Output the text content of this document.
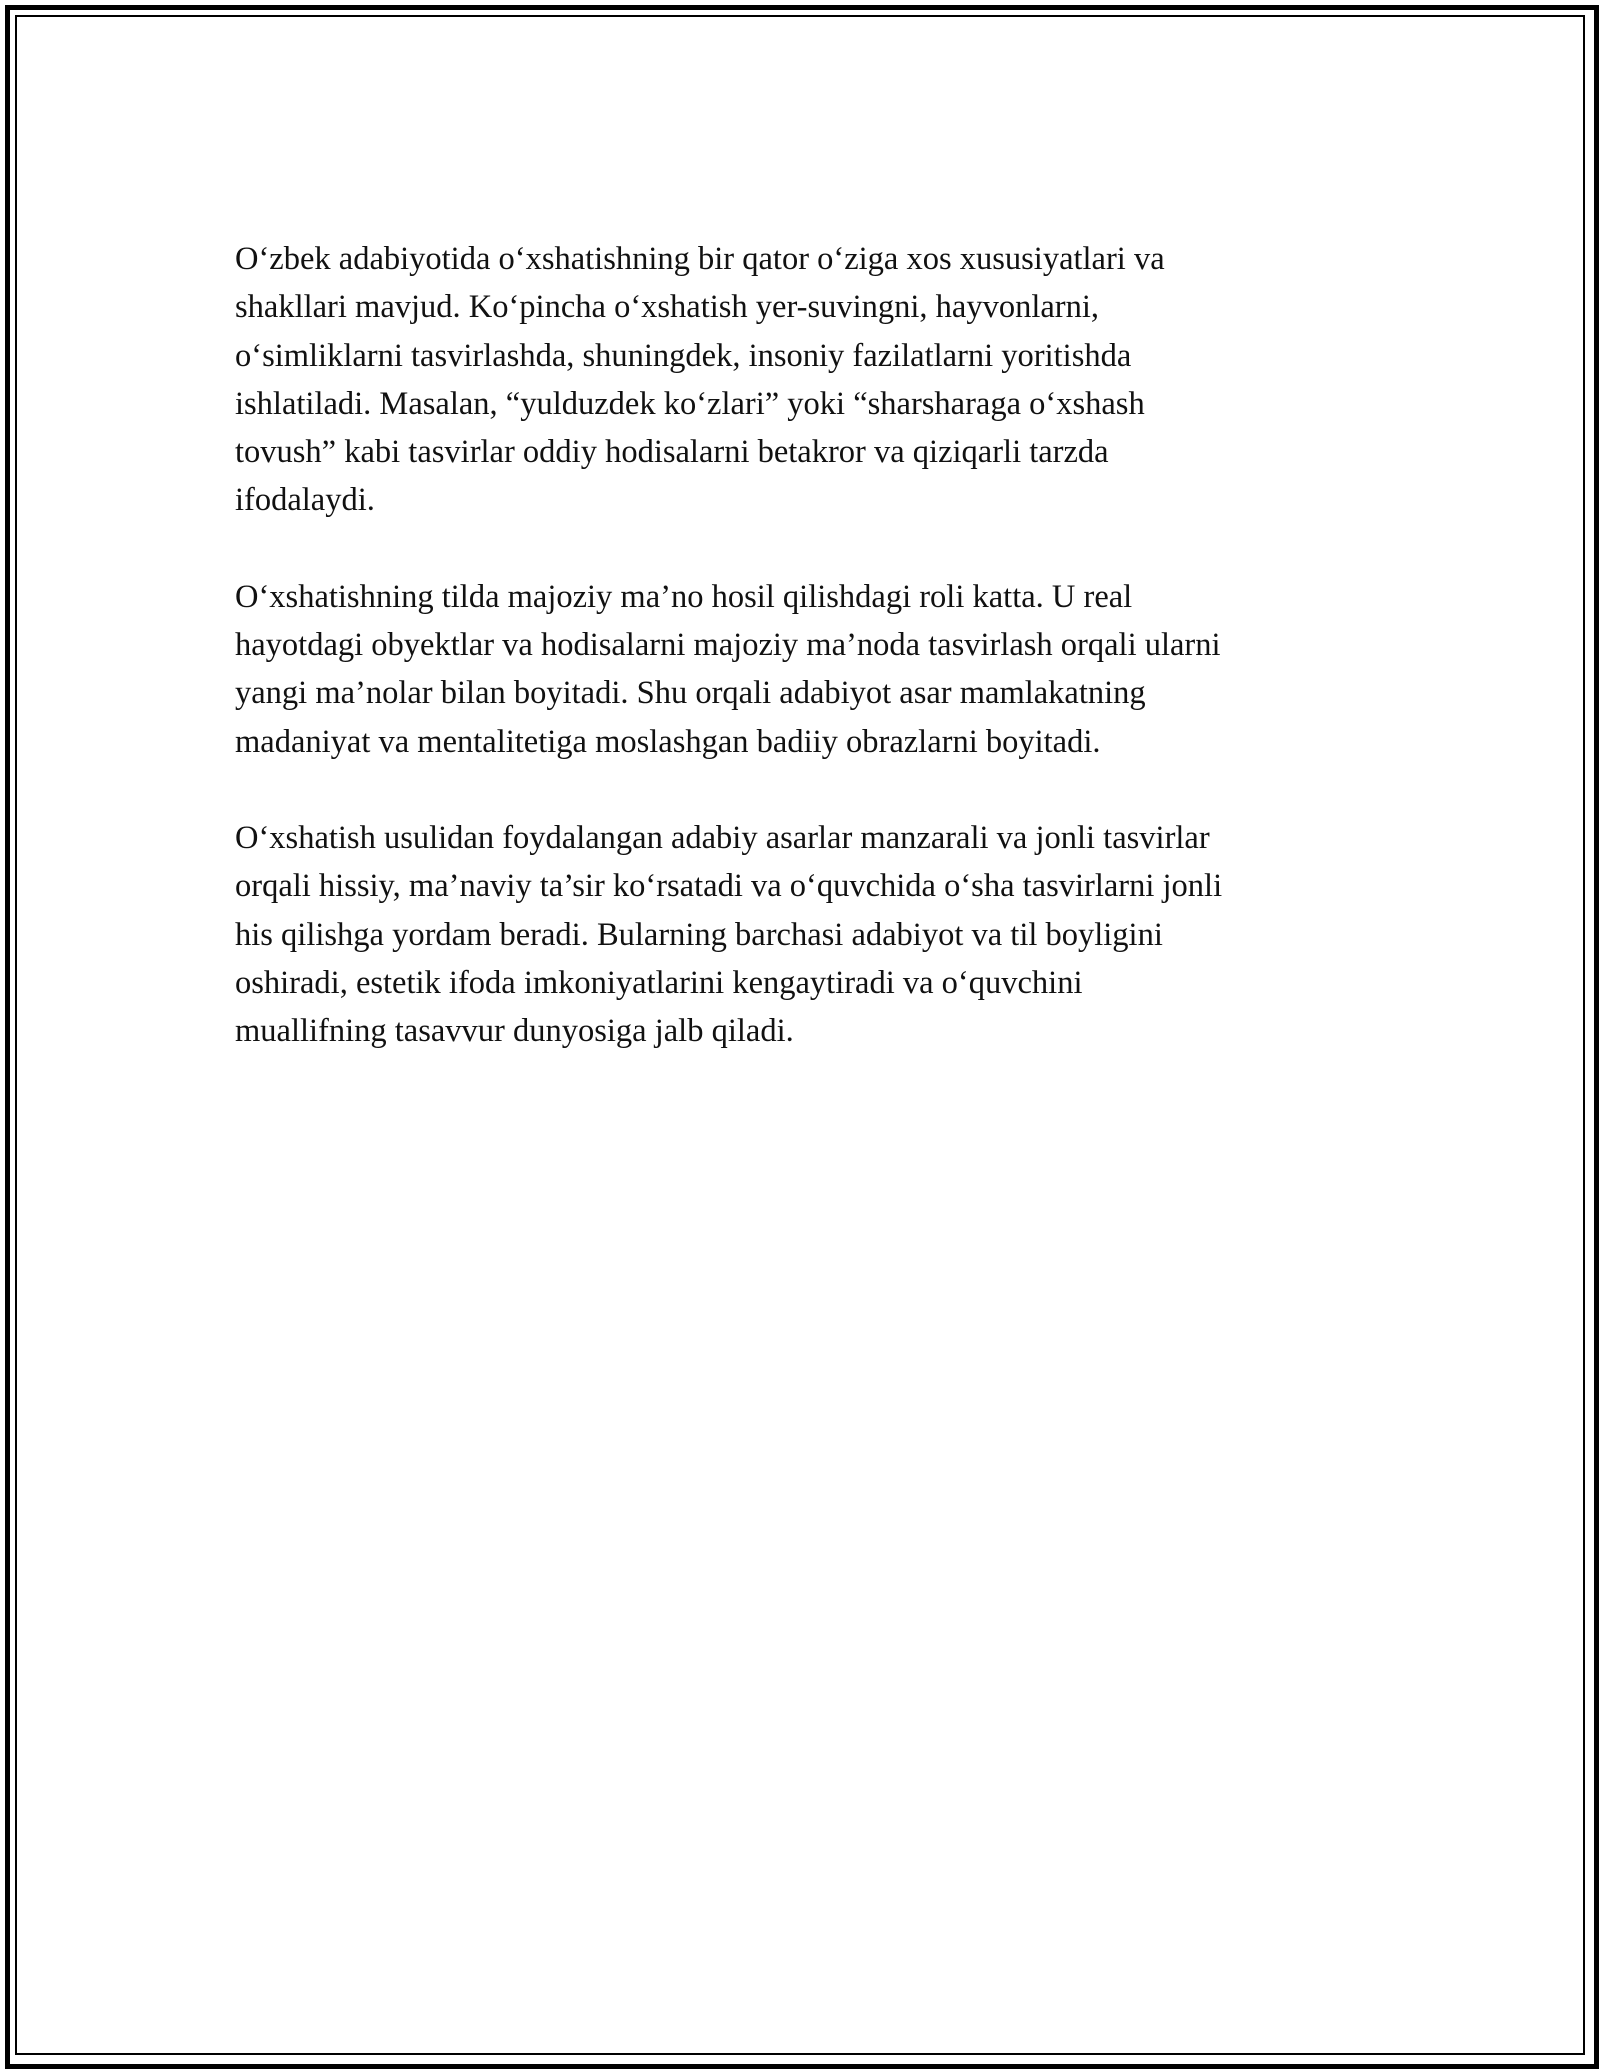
O‘zbek adabiyotida o‘xshatishning bir qator o‘ziga xos xususiyatlari va
shakllari mavjud. Ko‘pincha o‘xshatish yer-suvingni, hayvonlarni,
o‘simliklarni tasvirlashda, shuningdek, insoniy fazilatlarni yoritishda
ishlatiladi. Masalan, “yulduzdek ko‘zlari” yoki “sharsharaga o‘xshash
tovush” kabi tasvirlar oddiy hodisalarni betakror va qiziqarli tarzda
ifodalaydi.

O‘xshatishning tilda majoziy ma’no hosil qilishdagi roli katta. U real
hayotdagi obyektlar va hodisalarni majoziy ma’noda tasvirlash orqali ularni
yangi ma’nolar bilan boyitadi. Shu orqali adabiyot asar mamlakatning
madaniyat va mentalitetiga moslashgan badiiy obrazlarni boyitadi.

O‘xshatish usulidan foydalangan adabiy asarlar manzarali va jonli tasvirlar
orqali hissiy, ma’naviy ta’sir ko‘rsatadi va o‘quvchida o‘sha tasvirlarni jonli
his qilishga yordam beradi. Bularning barchasi adabiyot va til boyligini
oshiradi, estetik ifoda imkoniyatlarini kengaytiradi va o‘quvchini
muallifning tasavvur dunyosiga jalb qiladi.
